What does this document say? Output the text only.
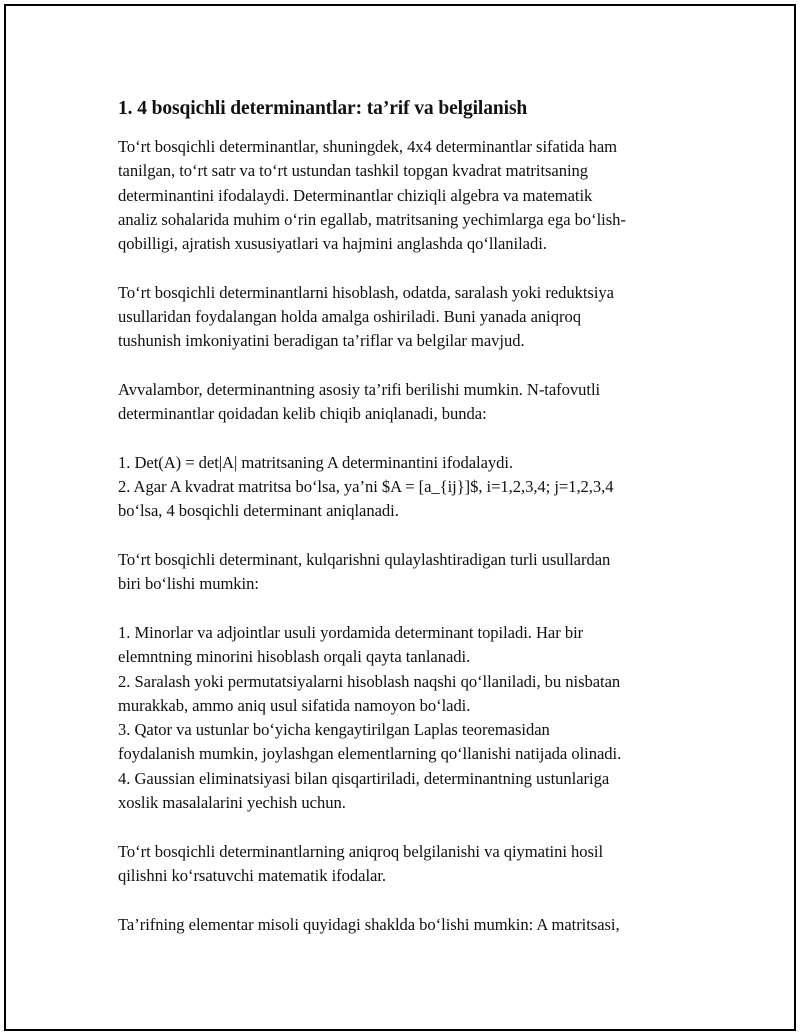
1. 4 bosqichli determinantlar: ta’rif va belgilanish

To‘rt bosqichli determinantlar, shuningdek, 4x4 determinantlar sifatida ham
tanilgan, to‘rt satr va to‘rt ustundan tashkil topgan kvadrat matritsaning
determinantini ifodalaydi. Determinantlar chiziqli algebra va matematik
analiz sohalarida muhim o‘rin egallab, matritsaning yechimlarga ega bo‘lish-
qobilligi, ajratish xususiyatlari va hajmini anglashda qo‘llaniladi.

To‘rt bosqichli determinantlarni hisoblash, odatda, saralash yoki reduktsiya
usullaridan foydalangan holda amalga oshiriladi. Buni yanada aniqroq
tushunish imkoniyatini beradigan ta’riflar va belgilar mavjud.

Avvalambor, determinantning asosiy ta’rifi berilishi mumkin. N-tafovutli
determinantlar qoidadan kelib chiqib aniqlanadi, bunda:

1. Det(A) = det|A| matritsaning A determinantini ifodalaydi.
2. Agar A kvadrat matritsa bo‘lsa, ya’ni $A = [a_{ij}]$, i=1,2,3,4; j=1,2,3,4
bo‘lsa, 4 bosqichli determinant aniqlanadi.

To‘rt bosqichli determinant, kulqarishni qulaylashtiradigan turli usullardan
biri bo‘lishi mumkin:

1. Minorlar va adjointlar usuli yordamida determinant topiladi. Har bir
elemntning minorini hisoblash orqali qayta tanlanadi.
2. Saralash yoki permutatsiyalarni hisoblash naqshi qo‘llaniladi, bu nisbatan
murakkab, ammo aniq usul sifatida namoyon bo‘ladi.
3. Qator va ustunlar bo‘yicha kengaytirilgan Laplas teoremasidan
foydalanish mumkin, joylashgan elementlarning qo‘llanishi natijada olinadi.
4. Gaussian eliminatsiyasi bilan qisqartiriladi, determinantning ustunlariga
xoslik masalalarini yechish uchun.

To‘rt bosqichli determinantlarning aniqroq belgilanishi va qiymatini hosil
qilishni ko‘rsatuvchi matematik ifodalar.

Ta’rifning elementar misoli quyidagi shaklda bo‘lishi mumkin: A matritsasi,
